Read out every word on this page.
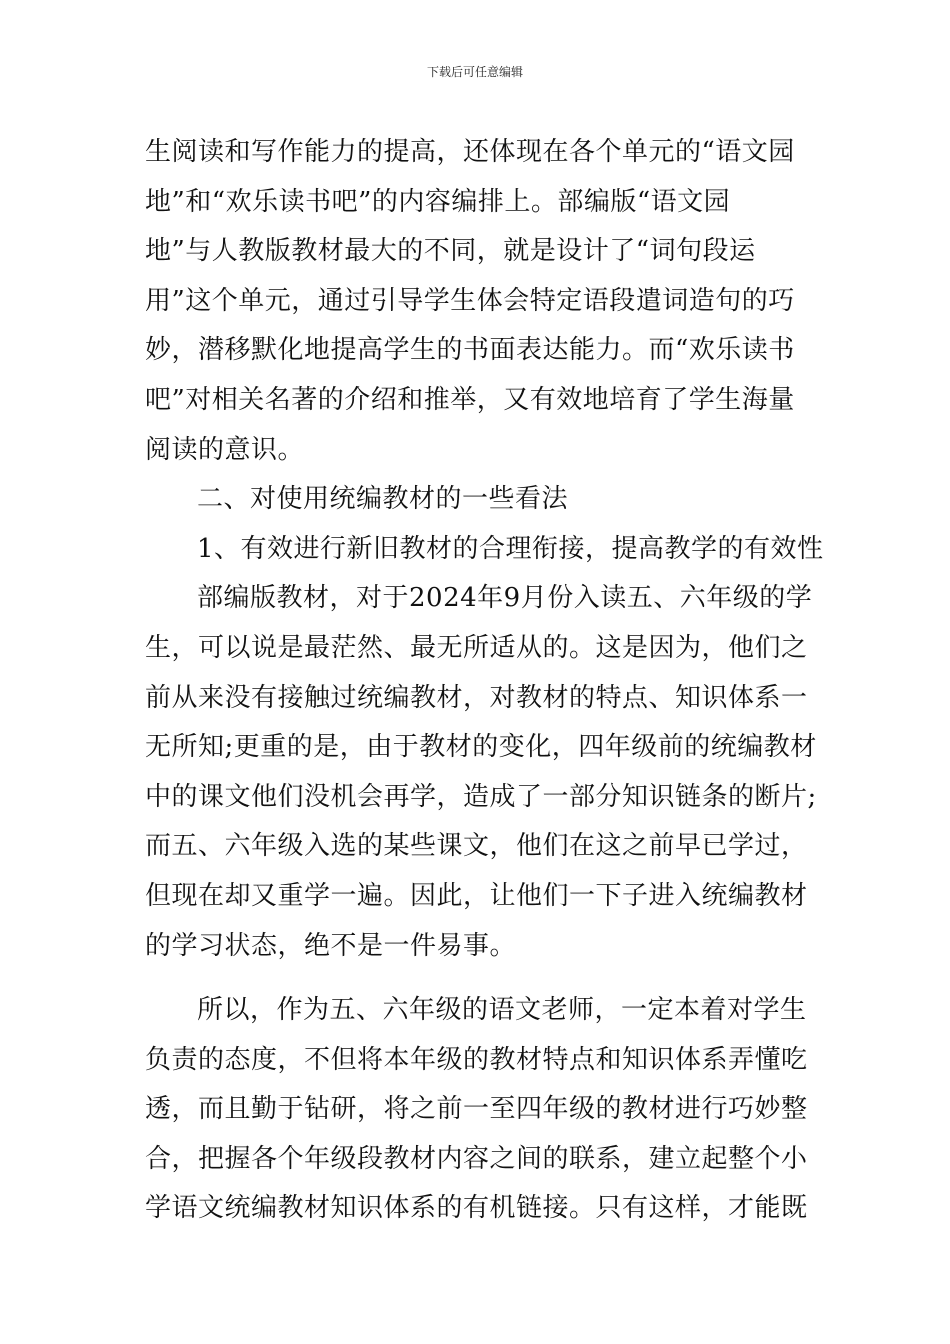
下载后可任意编辑
生阅读和写作能力的提高，还体现在各个单元的“语文园
地”和“欢乐读书吧”的内容编排上。部编版“语文园
地”与人教版教材最大的不同，就是设计了“词句段运
用”这个单元，通过引导学生体会特定语段遣词造句的巧
妙，潜移默化地提高学生的书面表达能力。而“欢乐读书
吧”对相关名著的介绍和推举，又有效地培育了学生海量
阅读的意识。
二、对使用统编教材的一些看法
1、有效进行新旧教材的合理衔接，提高教学的有效性
部编版教材，对于2024年9月份入读五、六年级的学
生，可以说是最茫然、最无所适从的。这是因为，他们之
前从来没有接触过统编教材，对教材的特点、知识体系一
无所知;更重的是，由于教材的变化，四年级前的统编教材
中的课文他们没机会再学，造成了一部分知识链条的断片;
而五、六年级入选的某些课文，他们在这之前早已学过，
但现在却又重学一遍。因此，让他们一下子进入统编教材
的学习状态，绝不是一件易事。
所以，作为五、六年级的语文老师，一定本着对学生
负责的态度，不但将本年级的教材特点和知识体系弄懂吃
透，而且勤于钻研，将之前一至四年级的教材进行巧妙整
合，把握各个年级段教材内容之间的联系，建立起整个小
学语文统编教材知识体系的有机链接。只有这样，才能既
